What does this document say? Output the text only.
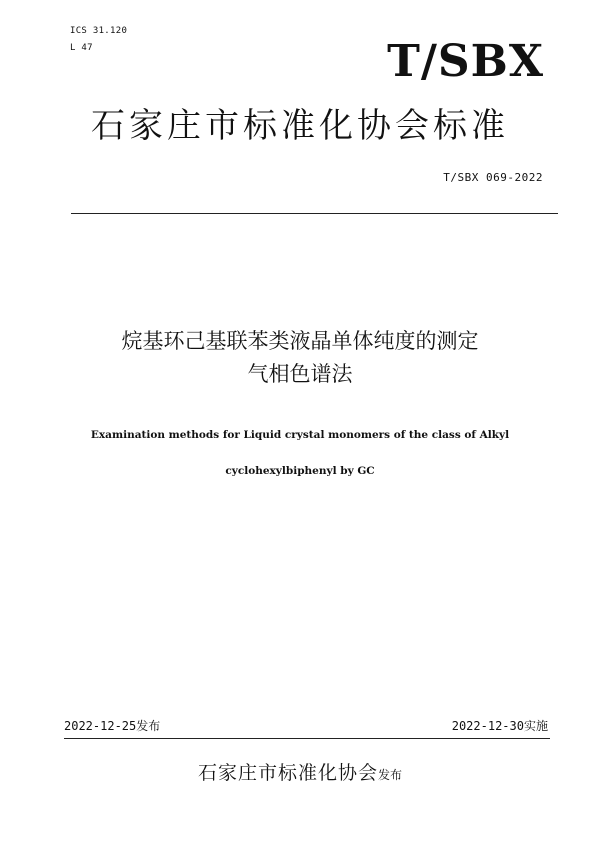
ICS 31.120
L 47	T/SBX
石家庄市标准化协会标准
T/SBX 069-2022
烷基环己基联苯类液晶单体纯度的测定
气相色谱法
Examination methods for Liquid crystal monomers of the class of Alkyl
cyclohexylbiphenyl by GC
2022-12-25发布	2022-12-30实施
石家庄市标准化协会发布
